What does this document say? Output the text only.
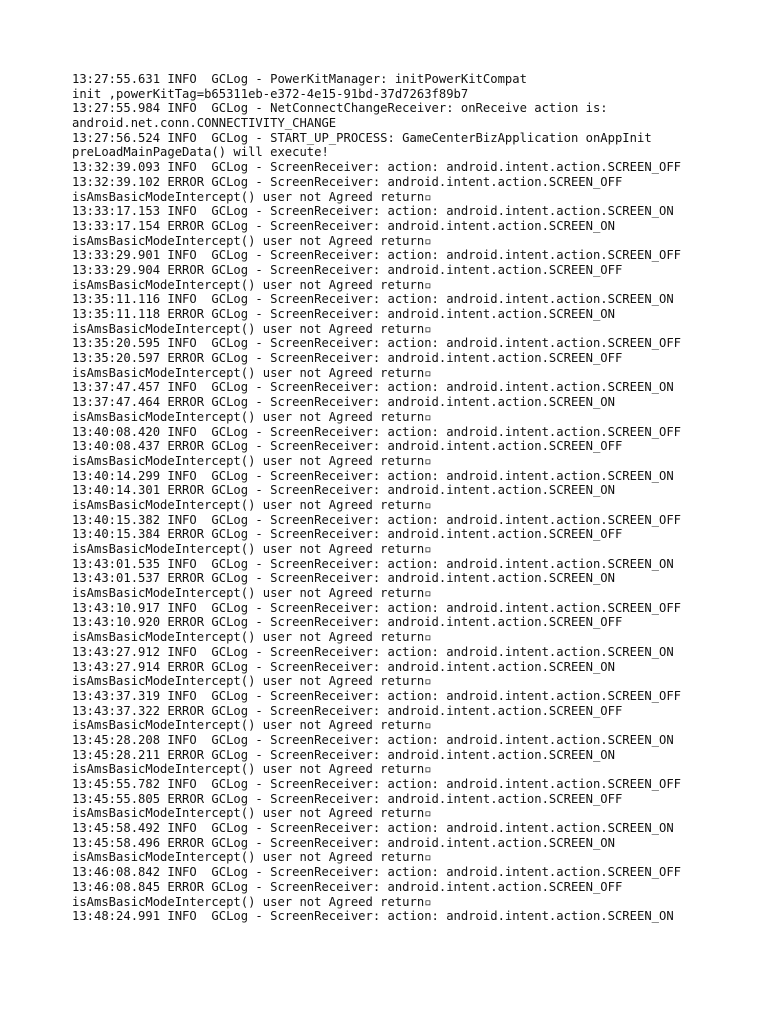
13:27:55.631 INFO  GCLog - PowerKitManager: initPowerKitCompat

init ,powerKitTag=b65311eb-e372-4e15-91bd-37d7263f89b7

13:27:55.984 INFO  GCLog - NetConnectChangeReceiver: onReceive action is:

android.net.conn.CONNECTIVITY_CHANGE

13:27:56.524 INFO  GCLog - START_UP_PROCESS: GameCenterBizApplication onAppInit

preLoadMainPageData() will execute!

13:32:39.093 INFO  GCLog - ScreenReceiver: action: android.intent.action.SCREEN_OFF

13:32:39.102 ERROR GCLog - ScreenReceiver: android.intent.action.SCREEN_OFF

isAmsBasicModeIntercept() user not Agreed return▫

13:33:17.153 INFO  GCLog - ScreenReceiver: action: android.intent.action.SCREEN_ON

13:33:17.154 ERROR GCLog - ScreenReceiver: android.intent.action.SCREEN_ON

isAmsBasicModeIntercept() user not Agreed return▫

13:33:29.901 INFO  GCLog - ScreenReceiver: action: android.intent.action.SCREEN_OFF

13:33:29.904 ERROR GCLog - ScreenReceiver: android.intent.action.SCREEN_OFF

isAmsBasicModeIntercept() user not Agreed return▫

13:35:11.116 INFO  GCLog - ScreenReceiver: action: android.intent.action.SCREEN_ON

13:35:11.118 ERROR GCLog - ScreenReceiver: android.intent.action.SCREEN_ON

isAmsBasicModeIntercept() user not Agreed return▫

13:35:20.595 INFO  GCLog - ScreenReceiver: action: android.intent.action.SCREEN_OFF

13:35:20.597 ERROR GCLog - ScreenReceiver: android.intent.action.SCREEN_OFF

isAmsBasicModeIntercept() user not Agreed return▫

13:37:47.457 INFO  GCLog - ScreenReceiver: action: android.intent.action.SCREEN_ON

13:37:47.464 ERROR GCLog - ScreenReceiver: android.intent.action.SCREEN_ON

isAmsBasicModeIntercept() user not Agreed return▫

13:40:08.420 INFO  GCLog - ScreenReceiver: action: android.intent.action.SCREEN_OFF

13:40:08.437 ERROR GCLog - ScreenReceiver: android.intent.action.SCREEN_OFF

isAmsBasicModeIntercept() user not Agreed return▫

13:40:14.299 INFO  GCLog - ScreenReceiver: action: android.intent.action.SCREEN_ON

13:40:14.301 ERROR GCLog - ScreenReceiver: android.intent.action.SCREEN_ON

isAmsBasicModeIntercept() user not Agreed return▫

13:40:15.382 INFO  GCLog - ScreenReceiver: action: android.intent.action.SCREEN_OFF

13:40:15.384 ERROR GCLog - ScreenReceiver: android.intent.action.SCREEN_OFF

isAmsBasicModeIntercept() user not Agreed return▫

13:43:01.535 INFO  GCLog - ScreenReceiver: action: android.intent.action.SCREEN_ON

13:43:01.537 ERROR GCLog - ScreenReceiver: android.intent.action.SCREEN_ON

isAmsBasicModeIntercept() user not Agreed return▫

13:43:10.917 INFO  GCLog - ScreenReceiver: action: android.intent.action.SCREEN_OFF

13:43:10.920 ERROR GCLog - ScreenReceiver: android.intent.action.SCREEN_OFF

isAmsBasicModeIntercept() user not Agreed return▫

13:43:27.912 INFO  GCLog - ScreenReceiver: action: android.intent.action.SCREEN_ON

13:43:27.914 ERROR GCLog - ScreenReceiver: android.intent.action.SCREEN_ON

isAmsBasicModeIntercept() user not Agreed return▫

13:43:37.319 INFO  GCLog - ScreenReceiver: action: android.intent.action.SCREEN_OFF

13:43:37.322 ERROR GCLog - ScreenReceiver: android.intent.action.SCREEN_OFF

isAmsBasicModeIntercept() user not Agreed return▫

13:45:28.208 INFO  GCLog - ScreenReceiver: action: android.intent.action.SCREEN_ON

13:45:28.211 ERROR GCLog - ScreenReceiver: android.intent.action.SCREEN_ON

isAmsBasicModeIntercept() user not Agreed return▫

13:45:55.782 INFO  GCLog - ScreenReceiver: action: android.intent.action.SCREEN_OFF

13:45:55.805 ERROR GCLog - ScreenReceiver: android.intent.action.SCREEN_OFF

isAmsBasicModeIntercept() user not Agreed return▫

13:45:58.492 INFO  GCLog - ScreenReceiver: action: android.intent.action.SCREEN_ON

13:45:58.496 ERROR GCLog - ScreenReceiver: android.intent.action.SCREEN_ON

isAmsBasicModeIntercept() user not Agreed return▫

13:46:08.842 INFO  GCLog - ScreenReceiver: action: android.intent.action.SCREEN_OFF

13:46:08.845 ERROR GCLog - ScreenReceiver: android.intent.action.SCREEN_OFF

isAmsBasicModeIntercept() user not Agreed return▫

13:48:24.991 INFO  GCLog - ScreenReceiver: action: android.intent.action.SCREEN_ON
